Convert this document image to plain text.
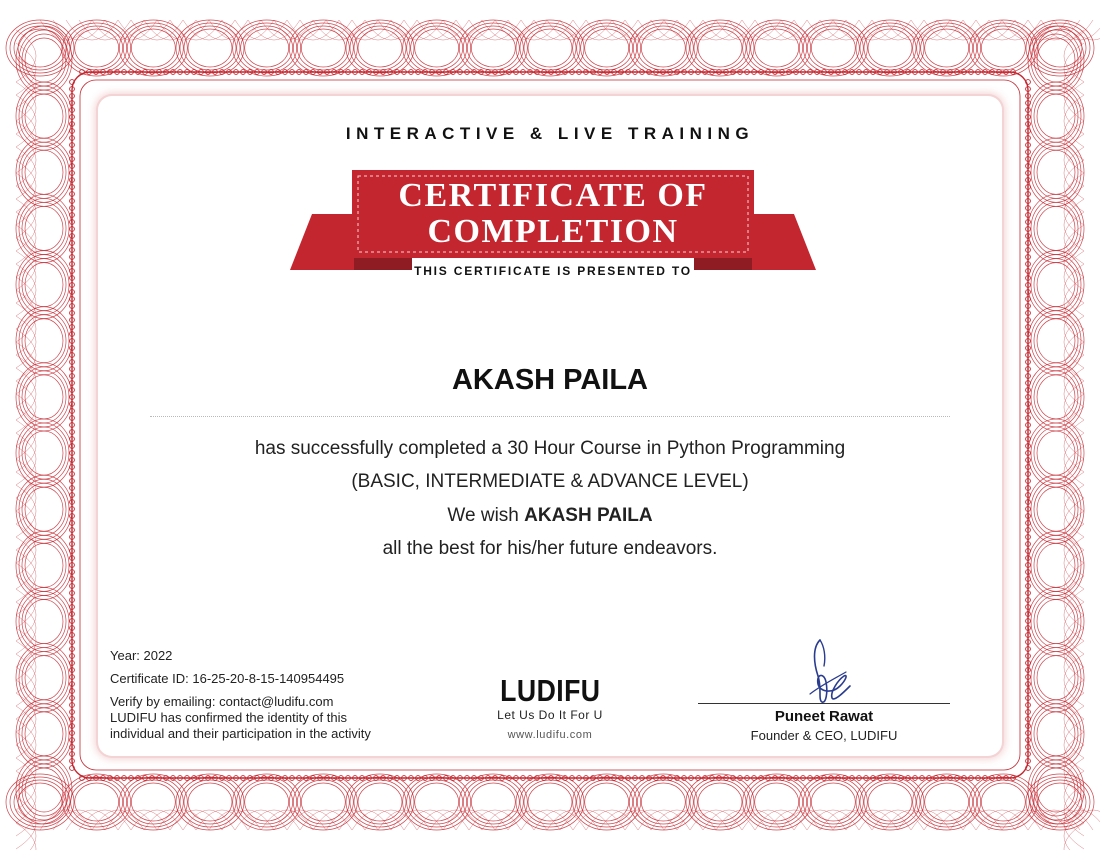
INTERACTIVE & LIVE TRAINING
CERTIFICATE OF
COMPLETION
THIS CERTIFICATE IS PRESENTED TO
AKASH PAILA
has successfully completed a 30 Hour Course in Python Programming
(BASIC, INTERMEDIATE & ADVANCE LEVEL)
We wish AKASH PAILA
all the best for his/her future endeavors.
Year: 2022
Certificate ID: 16-25-20-8-15-140954495
Verify by emailing: contact@ludifu.com
LUDIFU has confirmed the identity of this
individual and their participation in the activity
LUDIFU
Let Us Do It For U
www.ludifu.com
Puneet Rawat
Founder & CEO, LUDIFU
